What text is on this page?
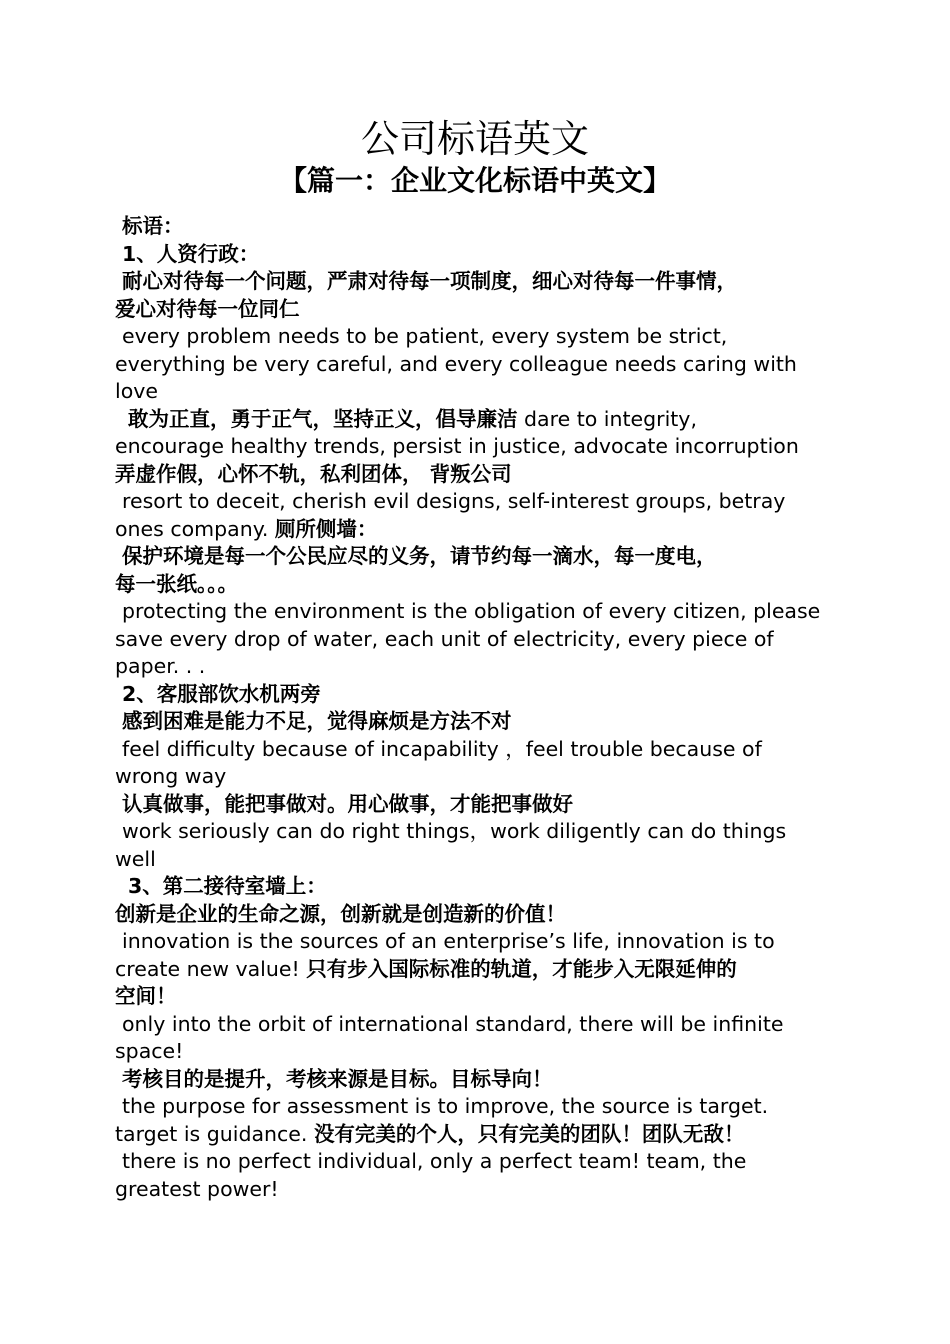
公司标语英文
【篇一：企业文化标语中英文】
标语：
1、人资行政：
耐心对待每一个问题，严肃对待每一项制度，细心对待每一件事情，
爱心对待每一位同仁
every problem needs to be patient, every system be strict,
everything be very careful, and every colleague needs caring with
love
敢为正直，勇于正气，坚持正义，倡导廉洁 dare to integrity,
encourage healthy trends, persist in justice, advocate incorruption
弄虚作假，心怀不轨，私利团体， 背叛公司
resort to deceit, cherish evil designs, self-interest groups, betray
ones company. 厕所侧墙：
保护环境是每一个公民应尽的义务，请节约每一滴水，每一度电，
每一张纸。。。
protecting the environment is the obligation of every citizen, please
save every drop of water, each unit of electricity, every piece of
paper. . .
2、客服部饮水机两旁
感到困难是能力不足，觉得麻烦是方法不对
feel difficulty because of incapability ，feel trouble because of
wrong way
认真做事，能把事做对。用心做事，才能把事做好
work seriously can do right things，work diligently can do things
well
3、第二接待室墙上：
创新是企业的生命之源，创新就是创造新的价值！
innovation is the sources of an enterprise’s life, innovation is to
create new value! 只有步入国际标准的轨道，才能步入无限延伸的
空间！
only into the orbit of international standard, there will be infinite
space!
考核目的是提升，考核来源是目标。目标导向！
the purpose for assessment is to improve, the source is target.
target is guidance. 没有完美的个人，只有完美的团队！团队无敌！
there is no perfect individual, only a perfect team! team, the
greatest power!
